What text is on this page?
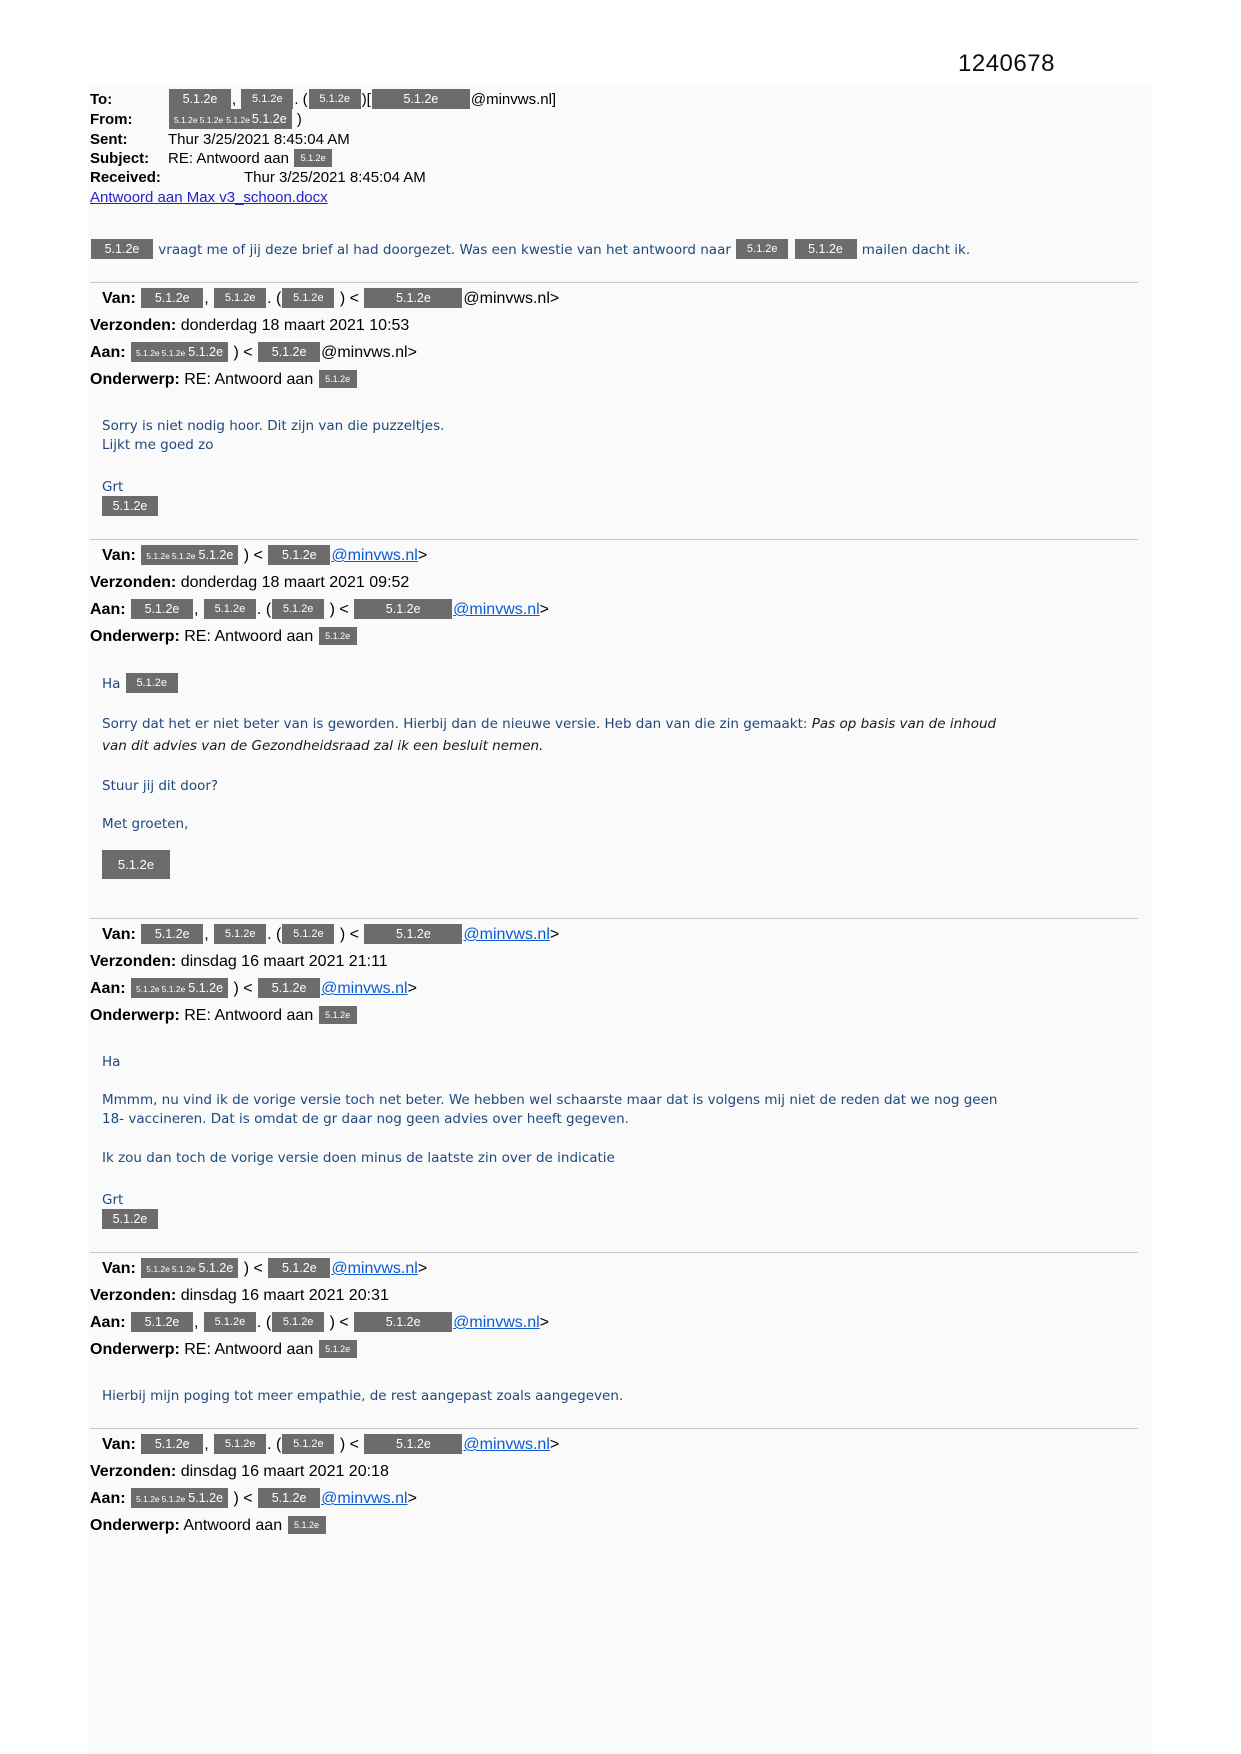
1240678
To:	5.1.2e , 5.1.2e . ( 5.1.2e )[	5.1.2e @minvws.nl]
From:	5.1.2e 5.1.2e 5.1.2e 5.1.2e )
Sent:	Thur 3/25/2021 8:45:04 AM
Subject:	RE: Antwoord aan 5.1.2e
Received:	Thur 3/25/2021 8:45:04 AM
Antwoord aan Max v3_schoon.docx

5.1.2e vraagt me of jij deze brief al had doorgezet. Was een kwestie van het antwoord naar 5.1.2e 5.1.2e mailen dacht ik.

Van: 5.1.2e , 5.1.2e . ( 5.1.2e ) <	5.1.2e @minvws.nl>
Verzonden: donderdag 18 maart 2021 10:53
Aan: 5.1.2e 5.1.2e 5.1.2e ) < 5.1.2e @minvws.nl>
Onderwerp: RE: Antwoord aan 5.1.2e

Sorry is niet nodig hoor. Dit zijn van die puzzeltjes.
Lijkt me goed zo

Grt
5.1.2e

Van: 5.1.2e 5.1.2e 5.1.2e ) < 5.1.2e @minvws.nl>
Verzonden: donderdag 18 maart 2021 09:52
Aan: 5.1.2e , 5.1.2e . ( 5.1.2e ) <	5.1.2e @minvws.nl>
Onderwerp: RE: Antwoord aan 5.1.2e

Ha 5.1.2e

Sorry dat het er niet beter van is geworden. Hierbij dan de nieuwe versie. Heb dan van die zin gemaakt: Pas op basis van de inhoud van dit advies van de Gezondheidsraad zal ik een besluit nemen.

Stuur jij dit door?

Met groeten,

5.1.2e

Van: 5.1.2e , 5.1.2e . ( 5.1.2e ) <	5.1.2e @minvws.nl>
Verzonden: dinsdag 16 maart 2021 21:11
Aan: 5.1.2e 5.1.2e 5.1.2e ) < 5.1.2e @minvws.nl>
Onderwerp: RE: Antwoord aan 5.1.2e

Ha

Mmmm, nu vind ik de vorige versie toch net beter. We hebben wel schaarste maar dat is volgens mij niet de reden dat we nog geen 18- vaccineren. Dat is omdat de gr daar nog geen advies over heeft gegeven.

Ik zou dan toch de vorige versie doen minus de laatste zin over de indicatie

Grt
5.1.2e

Van: 5.1.2e 5.1.2e 5.1.2e ) < 5.1.2e @minvws.nl>
Verzonden: dinsdag 16 maart 2021 20:31
Aan: 5.1.2e , 5.1.2e . ( 5.1.2e ) <	5.1.2e @minvws.nl>
Onderwerp: RE: Antwoord aan 5.1.2e

Hierbij mijn poging tot meer empathie, de rest aangepast zoals aangegeven.

Van: 5.1.2e , 5.1.2e . ( 5.1.2e ) <	5.1.2e @minvws.nl>
Verzonden: dinsdag 16 maart 2021 20:18
Aan: 5.1.2e 5.1.2e 5.1.2e ) < 5.1.2e @minvws.nl>
Onderwerp: Antwoord aan 5.1.2e
